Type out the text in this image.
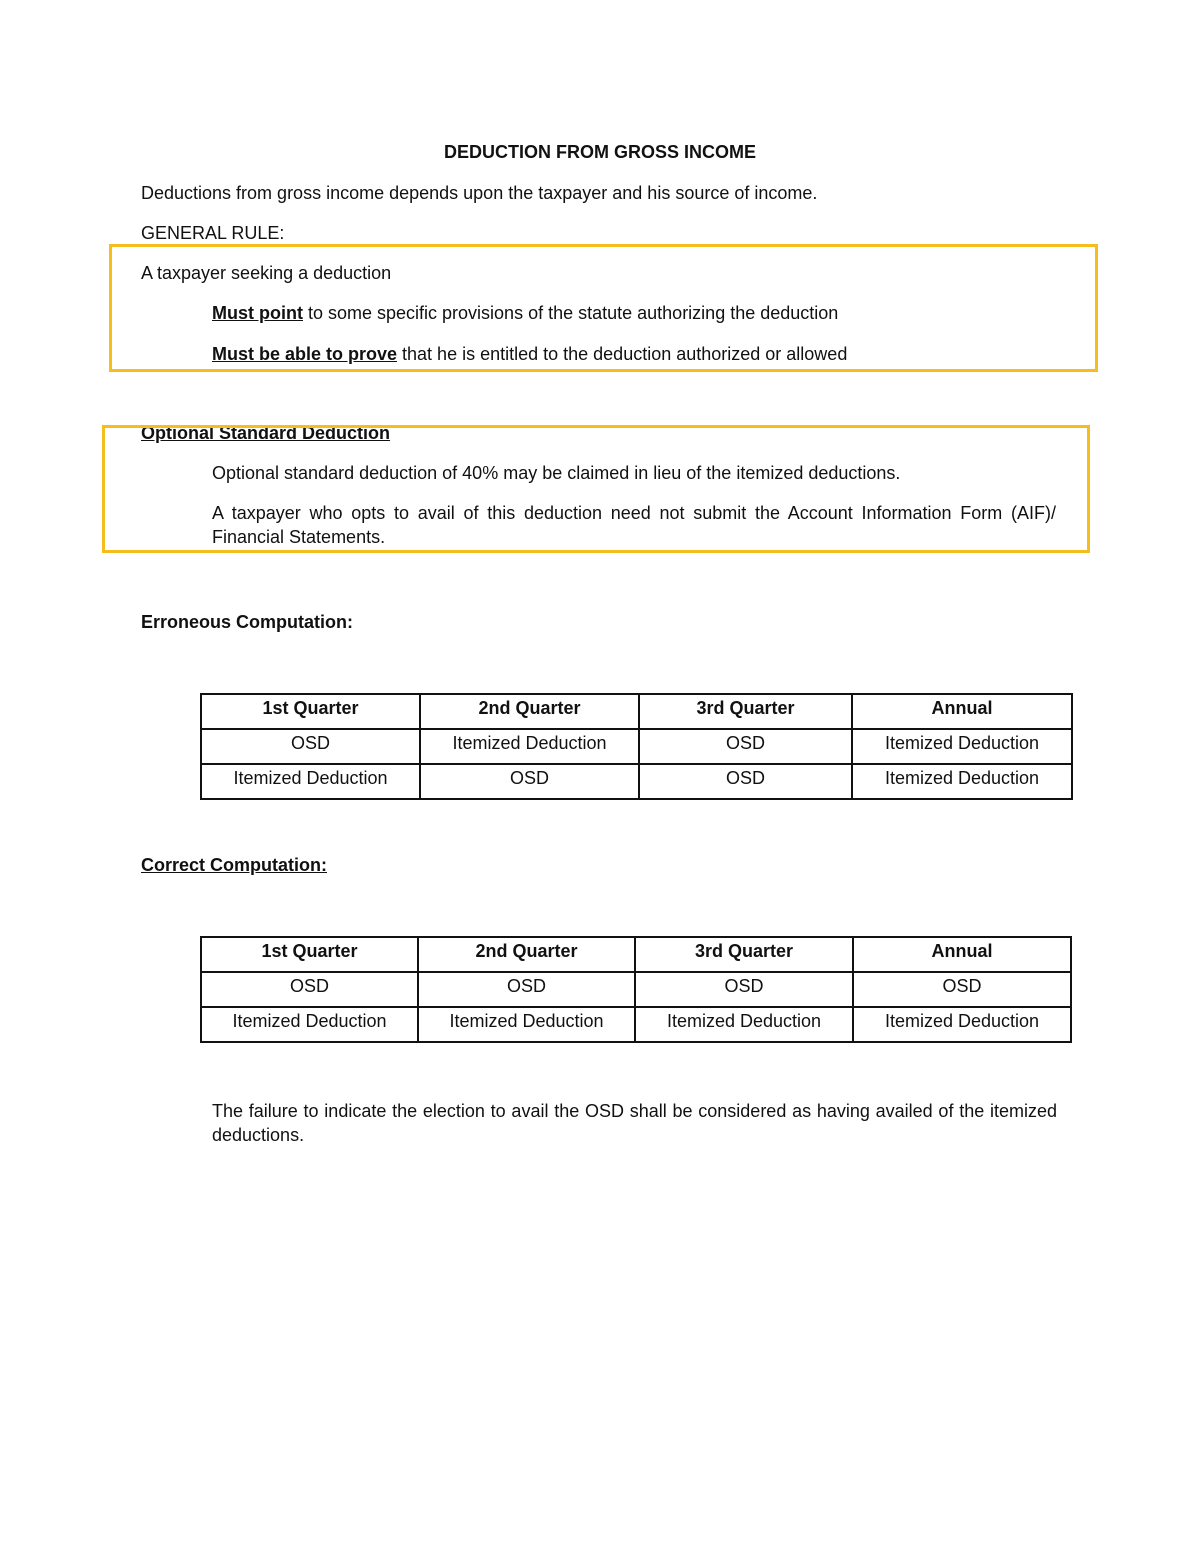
DEDUCTION FROM GROSS INCOME
Deductions from gross income depends upon the taxpayer and his source of income.
GENERAL RULE:
A taxpayer seeking a deduction
Must point to some specific provisions of the statute authorizing the deduction
Must be able to prove that he is entitled to the deduction authorized or allowed
Optional Standard Deduction
Optional standard deduction of 40% may be claimed in lieu of the itemized deductions.
A taxpayer who opts to avail of this deduction need not submit the Account Information Form (AIF)/ Financial Statements.
Erroneous Computation:
1st Quarter	2nd Quarter	3rd Quarter	Annual
OSD	Itemized Deduction	OSD	Itemized Deduction
Itemized Deduction	OSD	OSD	Itemized Deduction
Correct Computation:
1st Quarter	2nd Quarter	3rd Quarter	Annual
OSD	OSD	OSD	OSD
Itemized Deduction	Itemized Deduction	Itemized Deduction	Itemized Deduction
The failure to indicate the election to avail the OSD shall be considered as having availed of the itemized deductions.
